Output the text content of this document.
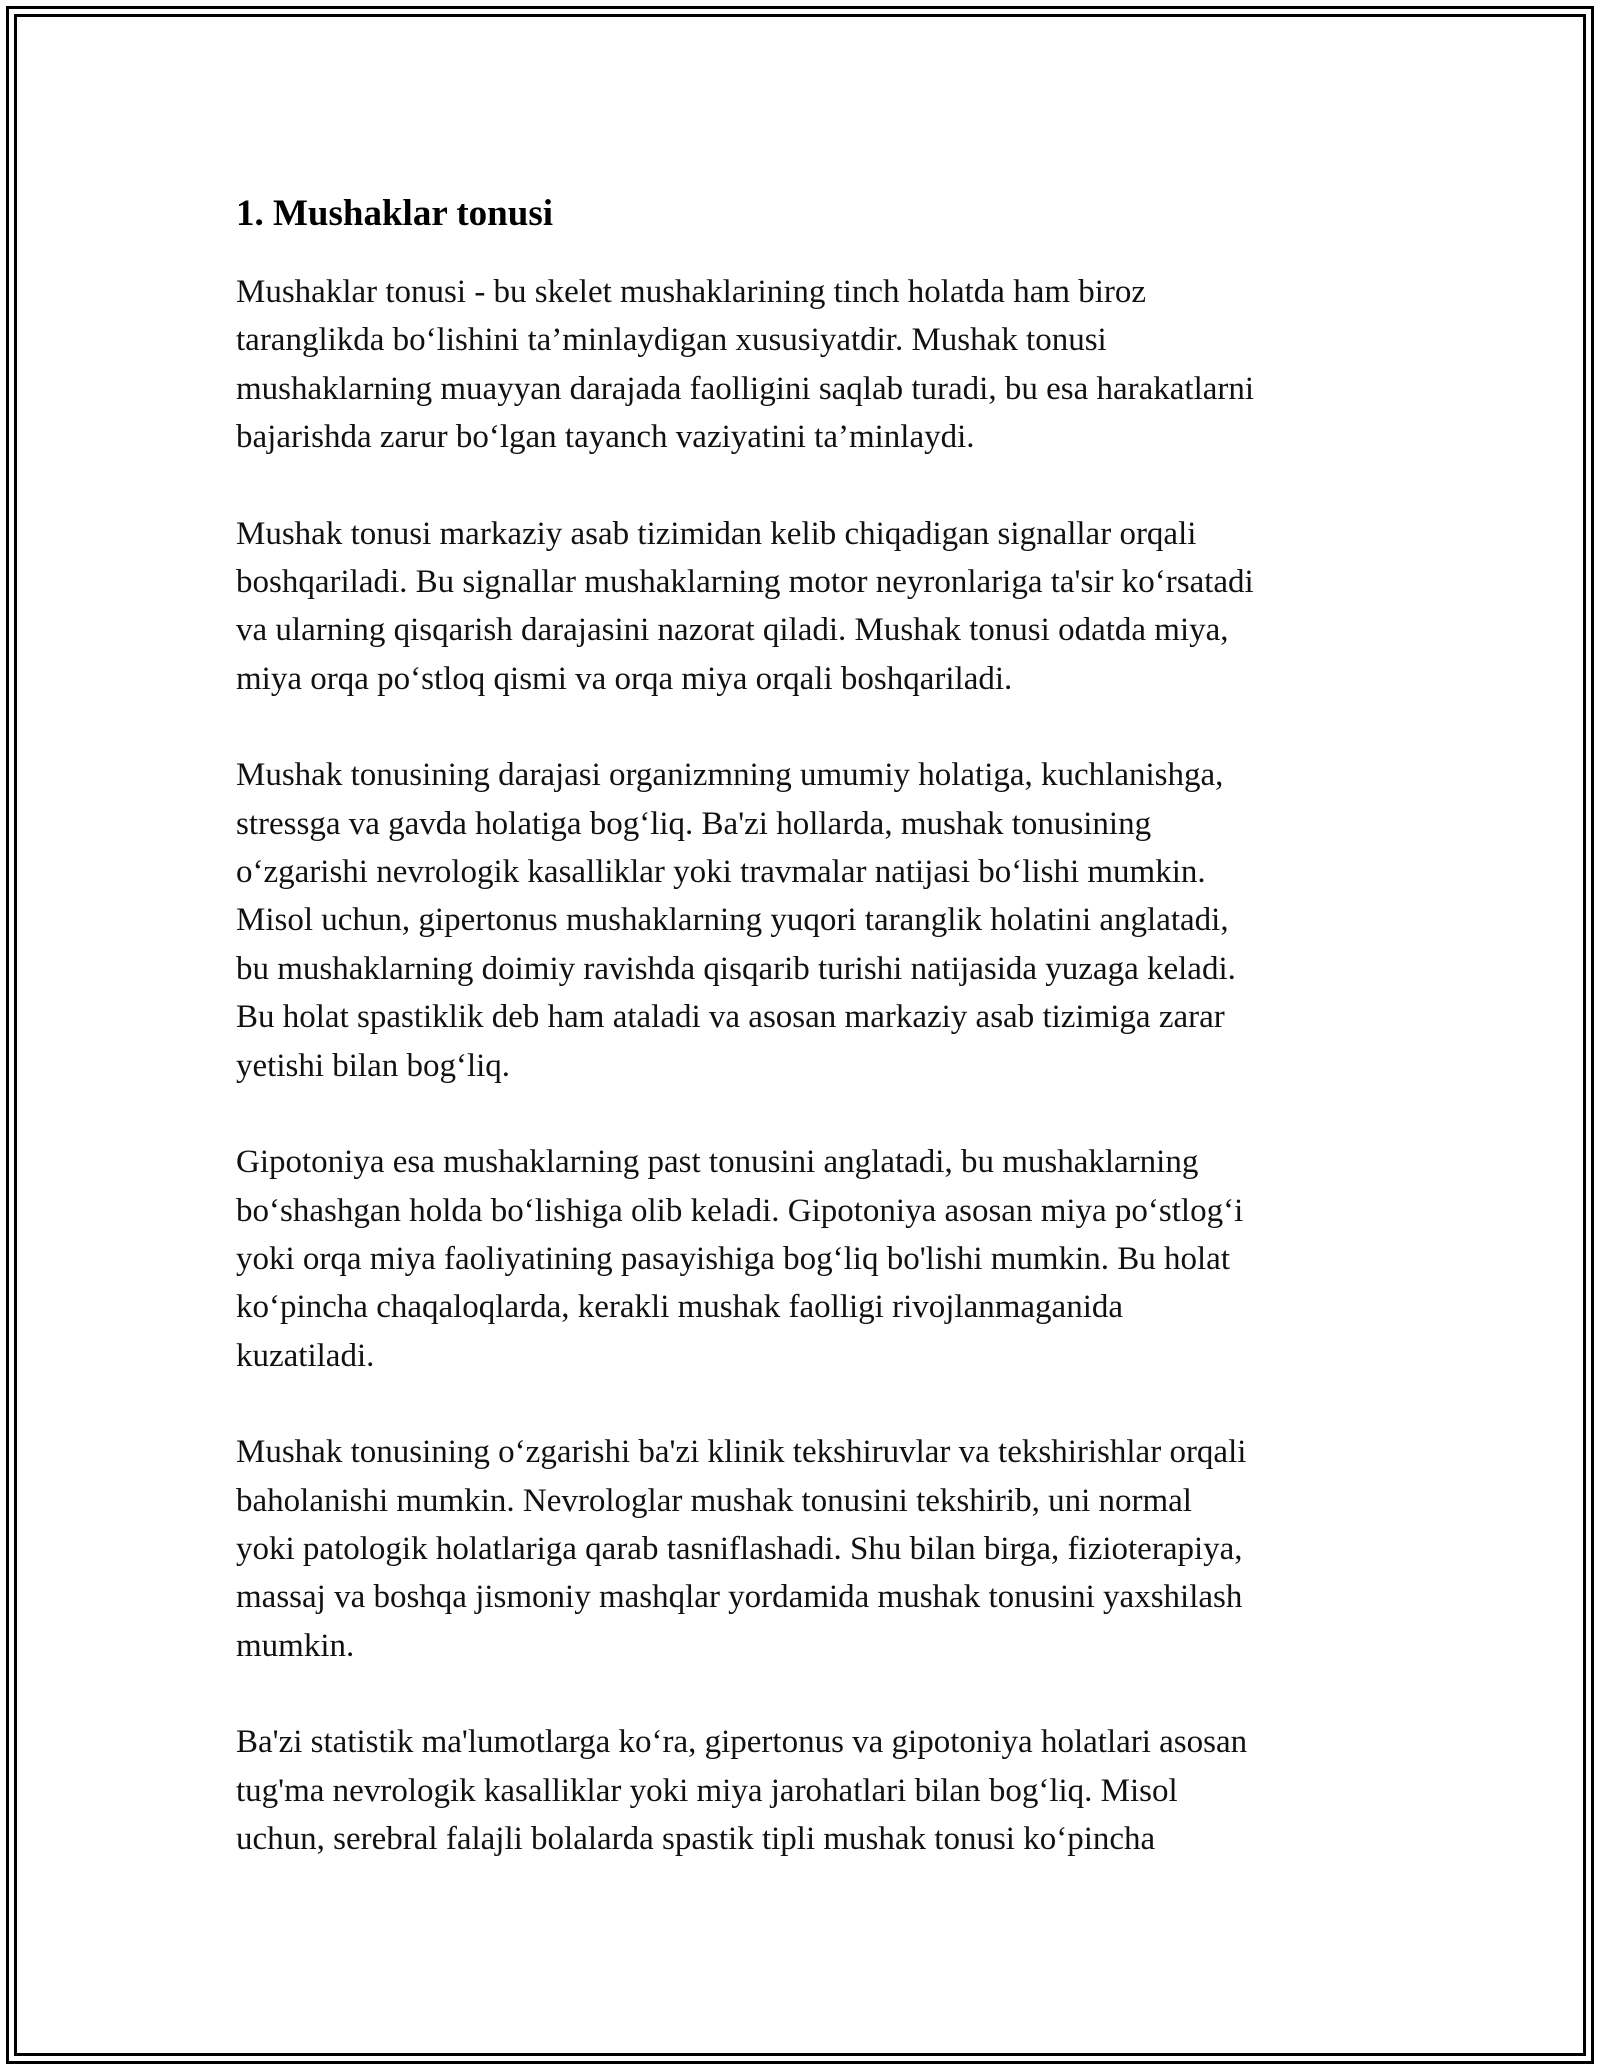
1. Mushaklar tonusi

Mushaklar tonusi - bu skelet mushaklarining tinch holatda ham biroz
taranglikda bo‘lishini ta’minlaydigan xususiyatdir. Mushak tonusi
mushaklarning muayyan darajada faolligini saqlab turadi, bu esa harakatlarni
bajarishda zarur bo‘lgan tayanch vaziyatini ta’minlaydi.

Mushak tonusi markaziy asab tizimidan kelib chiqadigan signallar orqali
boshqariladi. Bu signallar mushaklarning motor neyronlariga ta'sir ko‘rsatadi
va ularning qisqarish darajasini nazorat qiladi. Mushak tonusi odatda miya,
miya orqa po‘stloq qismi va orqa miya orqali boshqariladi.

Mushak tonusining darajasi organizmning umumiy holatiga, kuchlanishga,
stressga va gavda holatiga bog‘liq. Ba'zi hollarda, mushak tonusining
o‘zgarishi nevrologik kasalliklar yoki travmalar natijasi bo‘lishi mumkin.
Misol uchun, gipertonus mushaklarning yuqori taranglik holatini anglatadi,
bu mushaklarning doimiy ravishda qisqarib turishi natijasida yuzaga keladi.
Bu holat spastiklik deb ham ataladi va asosan markaziy asab tizimiga zarar
yetishi bilan bog‘liq.

Gipotoniya esa mushaklarning past tonusini anglatadi, bu mushaklarning
bo‘shashgan holda bo‘lishiga olib keladi. Gipotoniya asosan miya po‘stlog‘i
yoki orqa miya faoliyatining pasayishiga bog‘liq bo'lishi mumkin. Bu holat
ko‘pincha chaqaloqlarda, kerakli mushak faolligi rivojlanmaganida
kuzatiladi.

Mushak tonusining o‘zgarishi ba'zi klinik tekshiruvlar va tekshirishlar orqali
baholanishi mumkin. Nevrologlar mushak tonusini tekshirib, uni normal
yoki patologik holatlariga qarab tasniflashadi. Shu bilan birga, fizioterapiya,
massaj va boshqa jismoniy mashqlar yordamida mushak tonusini yaxshilash
mumkin.

Ba'zi statistik ma'lumotlarga ko‘ra, gipertonus va gipotoniya holatlari asosan
tug'ma nevrologik kasalliklar yoki miya jarohatlari bilan bog‘liq. Misol
uchun, serebral falajli bolalarda spastik tipli mushak tonusi ko‘pincha
